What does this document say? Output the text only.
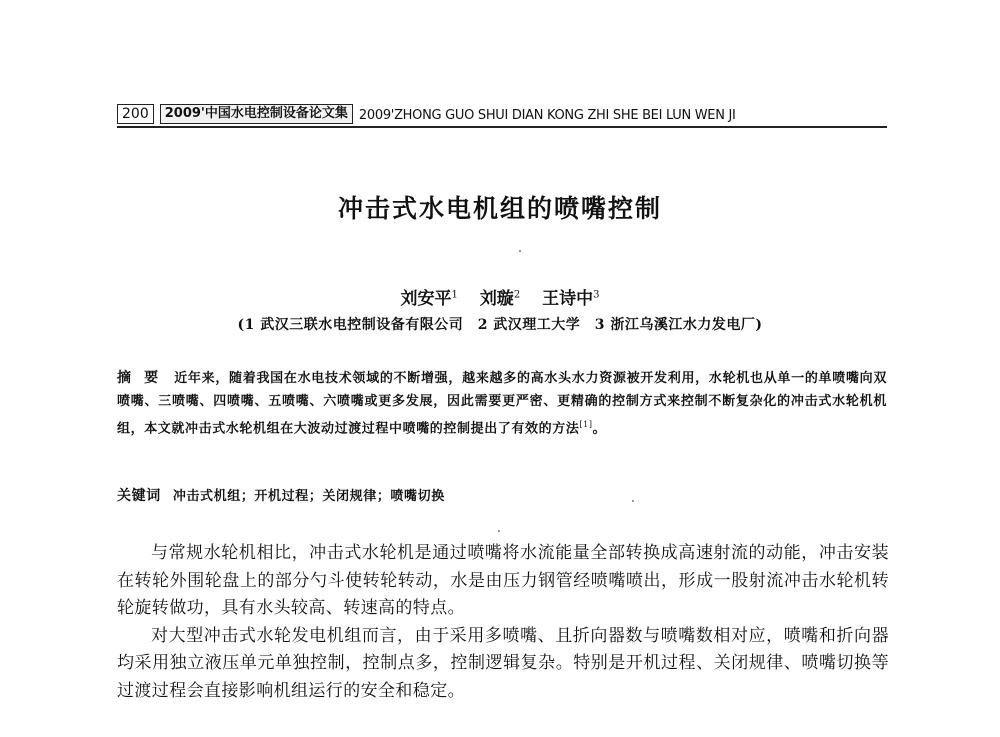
200	2009'中国水电控制设备论文集 2009'ZHONG GUO SHUI DIAN KONG ZHI SHE BEI LUN WEN JI
冲击式水电机组的喷嘴控制
刘安平$^1$ 刘璇$^2$ 王诗中$^3$
(1 武汉三联水电控制设备有限公司　2 武汉理工大学　3 浙江乌溪江水力发电厂)
摘 要 近年来，随着我国在水电技术领域的不断增强，越来越多的高水头水力资源被开发利用，水轮机也从单一的单喷嘴向双喷嘴、三喷嘴、四喷嘴、五喷嘴、六喷嘴或更多发展，因此需要更严密、更精确的控制方式来控制不断复杂化的冲击式水轮机机组，本文就冲击式水轮机组在大波动过渡过程中喷嘴的控制提出了有效的方法[1]。
关键词 冲击式机组；开机过程；关闭规律；喷嘴切换

与常规水轮机相比，冲击式水轮机是通过喷嘴将水流能量全部转换成高速射流的动能，冲击安装在转轮外围轮盘上的部分勺斗使转轮转动，水是由压力钢管经喷嘴喷出，形成一股射流冲击水轮机转轮旋转做功，具有水头较高、转速高的特点。

对大型冲击式水轮发电机组而言，由于采用多喷嘴、且折向器数与喷嘴数相对应，喷嘴和折向器均采用独立液压单元单独控制，控制点多，控制逻辑复杂。特别是开机过程、关闭规律、喷嘴切换等过渡过程会直接影响机组运行的安全和稳定。
